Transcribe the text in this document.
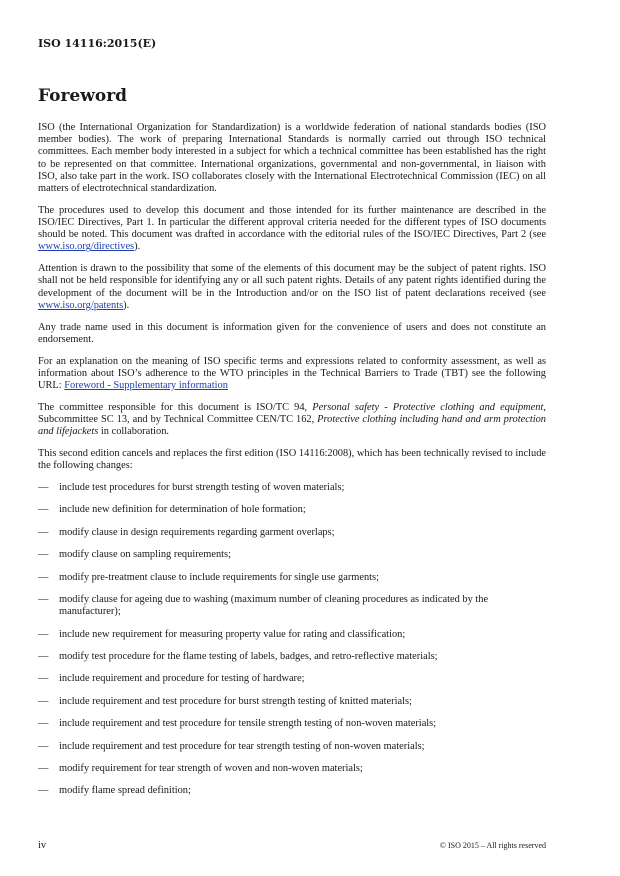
ISO 14116:2015(E)

Foreword

ISO (the International Organization for Standardization) is a worldwide federation of national standards bodies (ISO member bodies). The work of preparing International Standards is normally carried out through ISO technical committees. Each member body interested in a subject for which a technical committee has been established has the right to be represented on that committee. International organizations, governmental and non-governmental, in liaison with ISO, also take part in the work. ISO collaborates closely with the International Electrotechnical Commission (IEC) on all matters of electrotechnical standardization.

The procedures used to develop this document and those intended for its further maintenance are described in the ISO/IEC Directives, Part 1. In particular the different approval criteria needed for the different types of ISO documents should be noted. This document was drafted in accordance with the editorial rules of the ISO/IEC Directives, Part 2 (see www.iso.org/directives).

Attention is drawn to the possibility that some of the elements of this document may be the subject of patent rights. ISO shall not be held responsible for identifying any or all such patent rights. Details of any patent rights identified during the development of the document will be in the Introduction and/or on the ISO list of patent declarations received (see www.iso.org/patents).

Any trade name used in this document is information given for the convenience of users and does not constitute an endorsement.

For an explanation on the meaning of ISO specific terms and expressions related to conformity assessment, as well as information about ISO’s adherence to the WTO principles in the Technical Barriers to Trade (TBT) see the following URL: Foreword - Supplementary information

The committee responsible for this document is ISO/TC 94, Personal safety - Protective clothing and equipment, Subcommittee SC 13, and by Technical Committee CEN/TC 162, Protective clothing including hand and arm protection and lifejackets in collaboration.

This second edition cancels and replaces the first edition (ISO 14116:2008), which has been technically revised to include the following changes:

— include test procedures for burst strength testing of woven materials;
— include new definition for determination of hole formation;
— modify clause in design requirements regarding garment overlaps;
— modify clause on sampling requirements;
— modify pre-treatment clause to include requirements for single use garments;
— modify clause for ageing due to washing (maximum number of cleaning procedures as indicated by the manufacturer);
— include new requirement for measuring property value for rating and classification;
— modify test procedure for the flame testing of labels, badges, and retro-reflective materials;
— include requirement and procedure for testing of hardware;
— include requirement and test procedure for burst strength testing of knitted materials;
— include requirement and test procedure for tensile strength testing of non-woven materials;
— include requirement and test procedure for tear strength testing of non-woven materials;
— modify requirement for tear strength of woven and non-woven materials;
— modify flame spread definition;

iv	© ISO 2015 – All rights reserved
